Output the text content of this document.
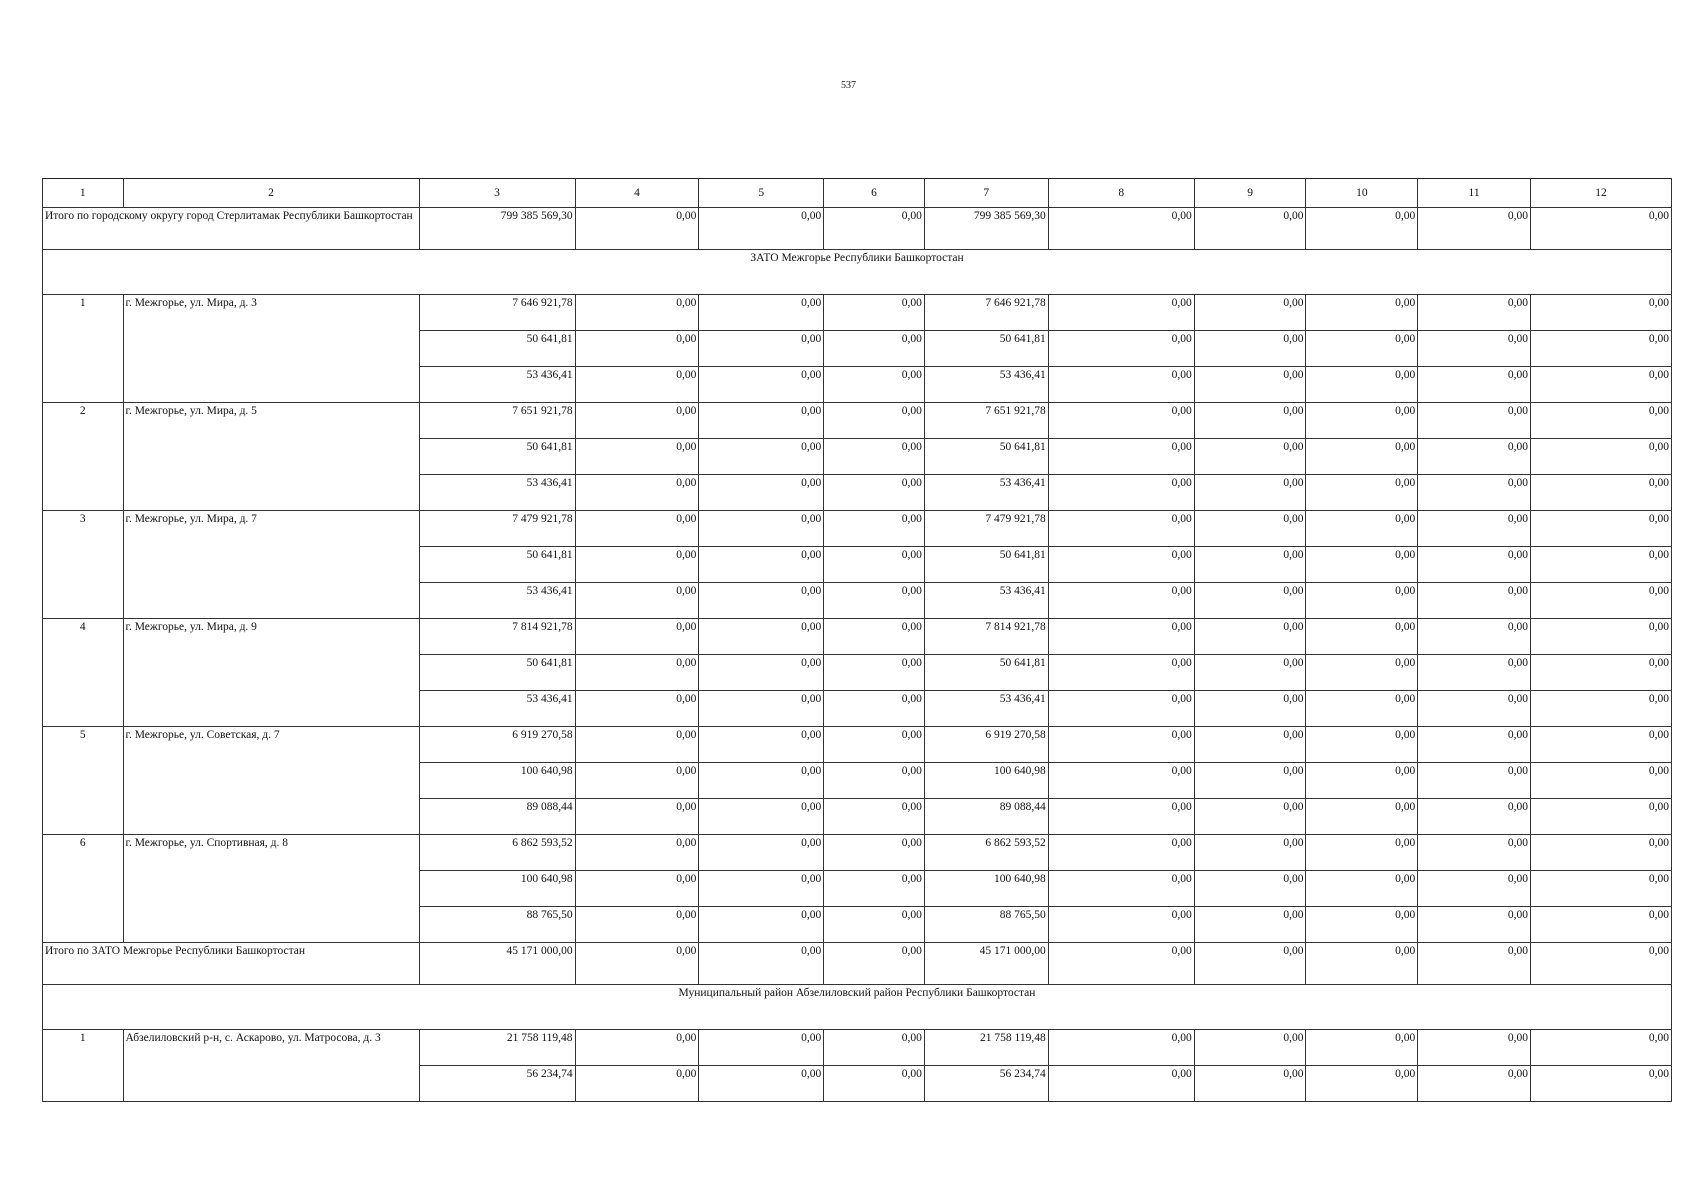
537
1	2	3	4	5	6	7	8	9	10	11	12
Итого по городскому округу город Стерлитамак Республики Башкортостан		799 385 569,30	0,00	0,00	0,00	799 385 569,30	0,00	0,00	0,00	0,00	0,00
ЗАТО Межгорье Республики Башкортостан											
1	г. Межгорье, ул. Мира, д. 3	7 646 921,78	0,00	0,00	0,00	7 646 921,78	0,00	0,00	0,00	0,00	0,00
		50 641,81	0,00	0,00	0,00	50 641,81	0,00	0,00	0,00	0,00	0,00
		53 436,41	0,00	0,00	0,00	53 436,41	0,00	0,00	0,00	0,00	0,00
2	г. Межгорье, ул. Мира, д. 5	7 651 921,78	0,00	0,00	0,00	7 651 921,78	0,00	0,00	0,00	0,00	0,00
		50 641,81	0,00	0,00	0,00	50 641,81	0,00	0,00	0,00	0,00	0,00
		53 436,41	0,00	0,00	0,00	53 436,41	0,00	0,00	0,00	0,00	0,00
3	г. Межгорье, ул. Мира, д. 7	7 479 921,78	0,00	0,00	0,00	7 479 921,78	0,00	0,00	0,00	0,00	0,00
		50 641,81	0,00	0,00	0,00	50 641,81	0,00	0,00	0,00	0,00	0,00
		53 436,41	0,00	0,00	0,00	53 436,41	0,00	0,00	0,00	0,00	0,00
4	г. Межгорье, ул. Мира, д. 9	7 814 921,78	0,00	0,00	0,00	7 814 921,78	0,00	0,00	0,00	0,00	0,00
		50 641,81	0,00	0,00	0,00	50 641,81	0,00	0,00	0,00	0,00	0,00
		53 436,41	0,00	0,00	0,00	53 436,41	0,00	0,00	0,00	0,00	0,00
5	г. Межгорье, ул. Советская, д. 7	6 919 270,58	0,00	0,00	0,00	6 919 270,58	0,00	0,00	0,00	0,00	0,00
		100 640,98	0,00	0,00	0,00	100 640,98	0,00	0,00	0,00	0,00	0,00
		89 088,44	0,00	0,00	0,00	89 088,44	0,00	0,00	0,00	0,00	0,00
6	г. Межгорье, ул. Спортивная, д. 8	6 862 593,52	0,00	0,00	0,00	6 862 593,52	0,00	0,00	0,00	0,00	0,00
		100 640,98	0,00	0,00	0,00	100 640,98	0,00	0,00	0,00	0,00	0,00
		88 765,50	0,00	0,00	0,00	88 765,50	0,00	0,00	0,00	0,00	0,00
Итого по ЗАТО Межгорье Республики Башкортостан		45 171 000,00	0,00	0,00	0,00	45 171 000,00	0,00	0,00	0,00	0,00	0,00
Муниципальный район Абзелиловский район Республики Башкортостан											
1	Абзелиловский р-н, с. Аскарово, ул. Матросова, д. 3	21 758 119,48	0,00	0,00	0,00	21 758 119,48	0,00	0,00	0,00	0,00	0,00
		56 234,74	0,00	0,00	0,00	56 234,74	0,00	0,00	0,00	0,00	0,00
